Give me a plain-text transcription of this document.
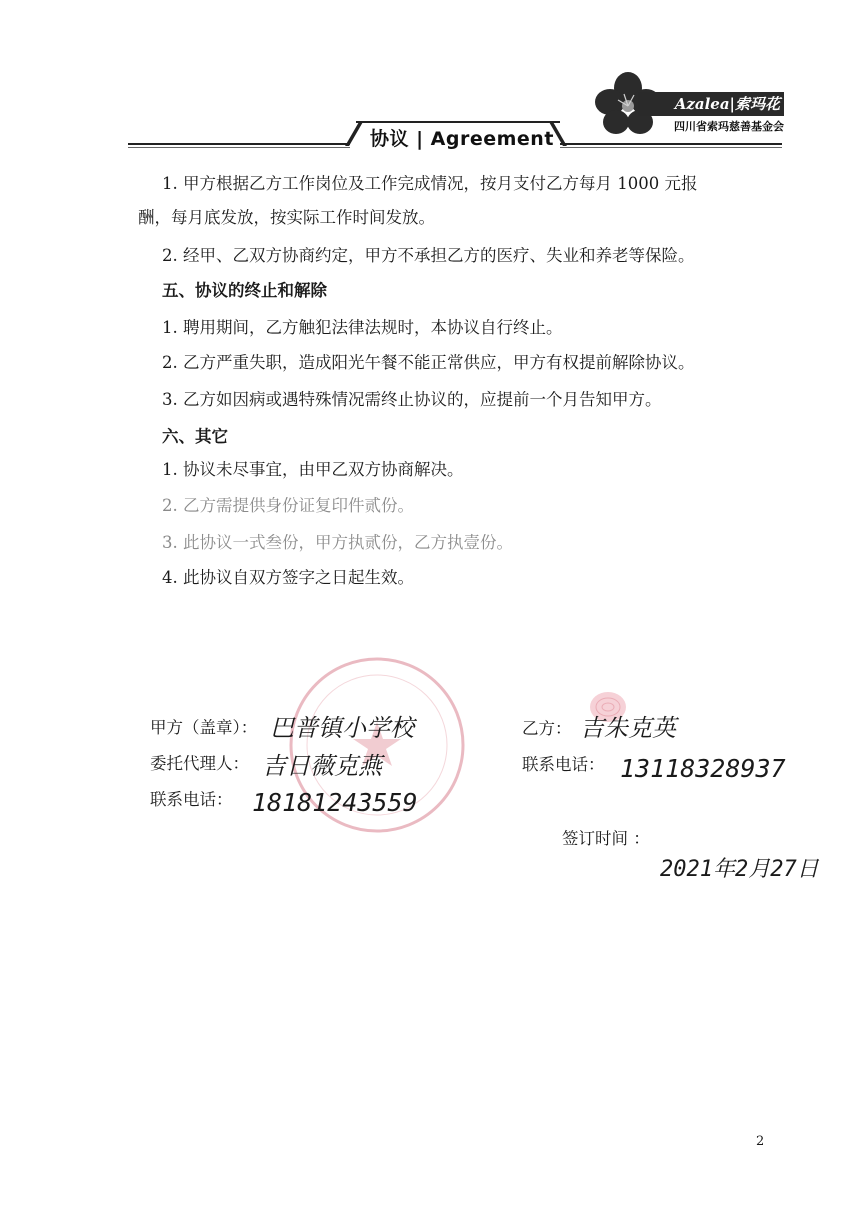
协议 | Agreement
Azalea|索玛花
四川省索玛慈善基金会
1. 甲方根据乙方工作岗位及工作完成情况，按月支付乙方每月 1000 元报
酬，每月底发放，按实际工作时间发放。
2. 经甲、乙双方协商约定，甲方不承担乙方的医疗、失业和养老等保险。
五、协议的终止和解除
1. 聘用期间，乙方触犯法律法规时，本协议自行终止。
2. 乙方严重失职，造成阳光午餐不能正常供应，甲方有权提前解除协议。
3. 乙方如因病或遇特殊情况需终止协议的，应提前一个月告知甲方。
六、其它
1. 协议未尽事宜，由甲乙双方协商解决。
2. 乙方需提供身份证复印件贰份。
3. 此协议一式叁份，甲方执贰份，乙方执壹份。
4. 此协议自双方签字之日起生效。
甲方（盖章）： 巴普镇小学校
委托代理人： 吉日薇克燕
联系电话： 18181243559
乙方： 吉朱克英
联系电话： 13118328937
签订时间 ：
2021年2月27日
2
